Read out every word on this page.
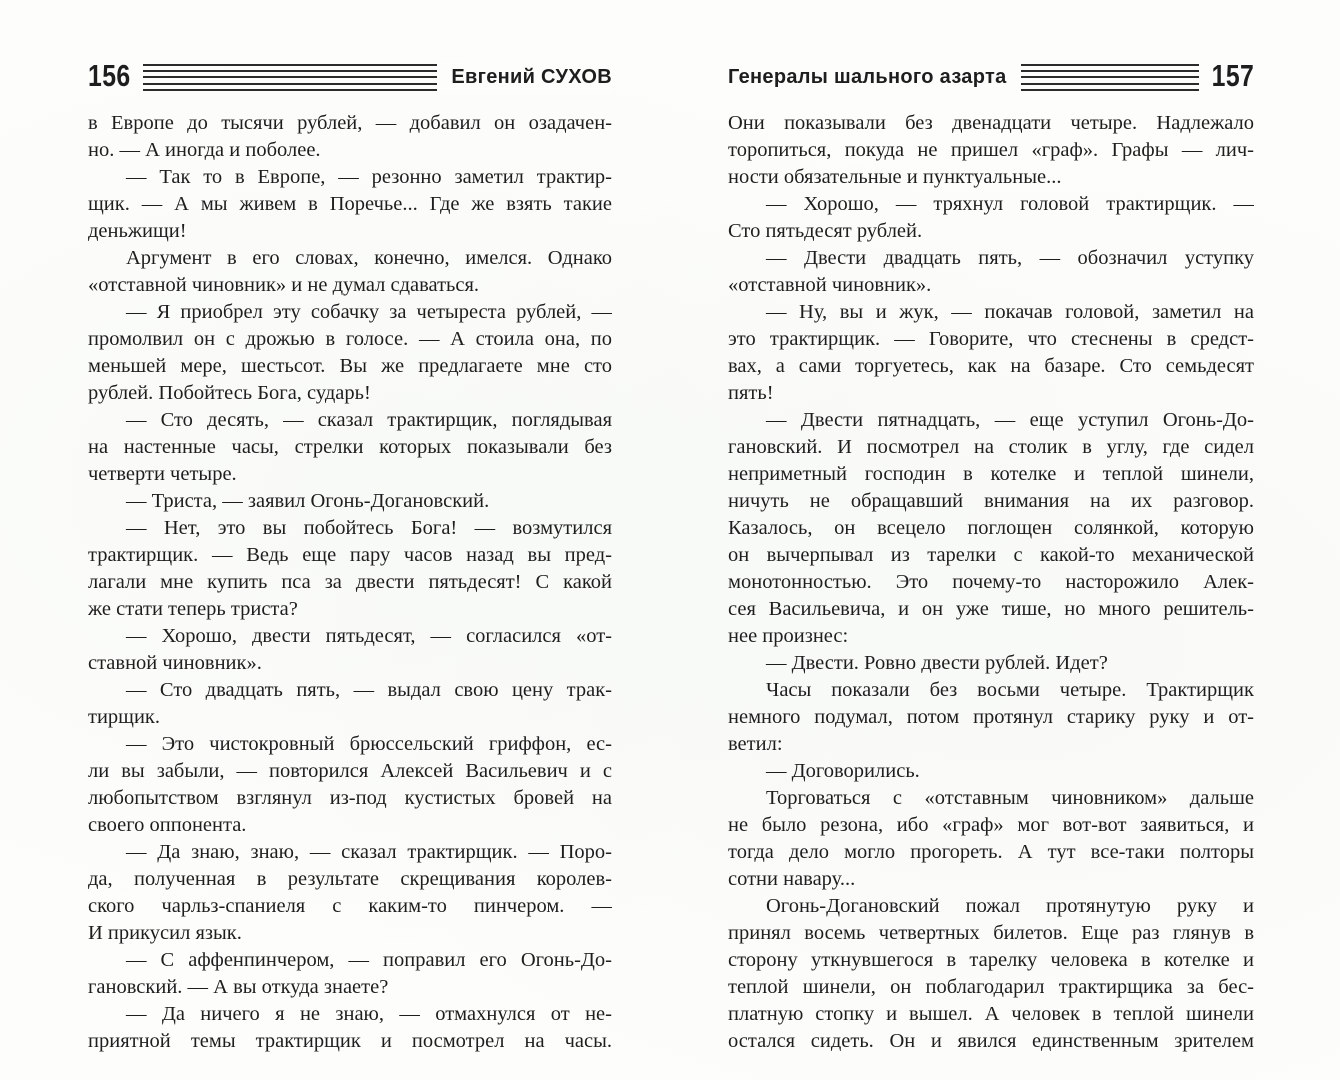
156	Евгений СУХОВ
в Европе до тысячи рублей, — добавил он озадачен-
но. — А иногда и поболее.
— Так то в Европе, — резонно заметил трактир-
щик. — А мы живем в Поречье... Где же взять такие
деньжищи!
Аргумент в его словах, конечно, имелся. Однако
«отставной чиновник» и не думал сдаваться.
— Я приобрел эту собачку за четыреста рублей, —
промолвил он с дрожью в голосе. — А стоила она, по
меньшей мере, шестьсот. Вы же предлагаете мне сто
рублей. Побойтесь Бога, сударь!
— Сто десять, — сказал трактирщик, поглядывая
на настенные часы, стрелки которых показывали без
четверти четыре.
— Триста, — заявил Огонь-Догановский.
— Нет, это вы побойтесь Бога! — возмутился
трактирщик. — Ведь еще пару часов назад вы пред-
лагали мне купить пса за двести пятьдесят! С какой
же стати теперь триста?
— Хорошо, двести пятьдесят, — согласился «от-
ставной чиновник».
— Сто двадцать пять, — выдал свою цену трак-
тирщик.
— Это чистокровный брюссельский гриффон, ес-
ли вы забыли, — повторился Алексей Васильевич и с
любопытством взглянул из-под кустистых бровей на
своего оппонента.
— Да знаю, знаю, — сказал трактирщик. — Поро-
да, полученная в результате скрещивания королев-
ского чарльз-спаниеля с каким-то пинчером. —
И прикусил язык.
— С аффенпинчером, — поправил его Огонь-До-
гановский. — А вы откуда знаете?
— Да ничего я не знаю, — отмахнулся от не-
приятной темы трактирщик и посмотрел на часы.
Генералы шального азарта	157
Они показывали без двенадцати четыре. Надлежало
торопиться, покуда не пришел «граф». Графы — лич-
ности обязательные и пунктуальные...
— Хорошо, — тряхнул головой трактирщик. —
Сто пятьдесят рублей.
— Двести двадцать пять, — обозначил уступку
«отставной чиновник».
— Ну, вы и жук, — покачав головой, заметил на
это трактирщик. — Говорите, что стеснены в средст-
вах, а сами торгуетесь, как на базаре. Сто семьдесят
пять!
— Двести пятнадцать, — еще уступил Огонь-До-
гановский. И посмотрел на столик в углу, где сидел
неприметный господин в котелке и теплой шинели,
ничуть не обращавший внимания на их разговор.
Казалось, он всецело поглощен солянкой, которую
он вычерпывал из тарелки с какой-то механической
монотонностью. Это почему-то насторожило Алек-
сея Васильевича, и он уже тише, но много решитель-
нее произнес:
— Двести. Ровно двести рублей. Идет?
Часы показали без восьми четыре. Трактирщик
немного подумал, потом протянул старику руку и от-
ветил:
— Договорились.
Торговаться с «отставным чиновником» дальше
не было резона, ибо «граф» мог вот-вот заявиться, и
тогда дело могло прогореть. А тут все-таки полторы
сотни навару...
Огонь-Догановский пожал протянутую руку и
принял восемь четвертных билетов. Еще раз глянув в
сторону уткнувшегося в тарелку человека в котелке и
теплой шинели, он поблагодарил трактирщика за бес-
платную стопку и вышел. А человек в теплой шинели
остался сидеть. Он и явился единственным зрителем
